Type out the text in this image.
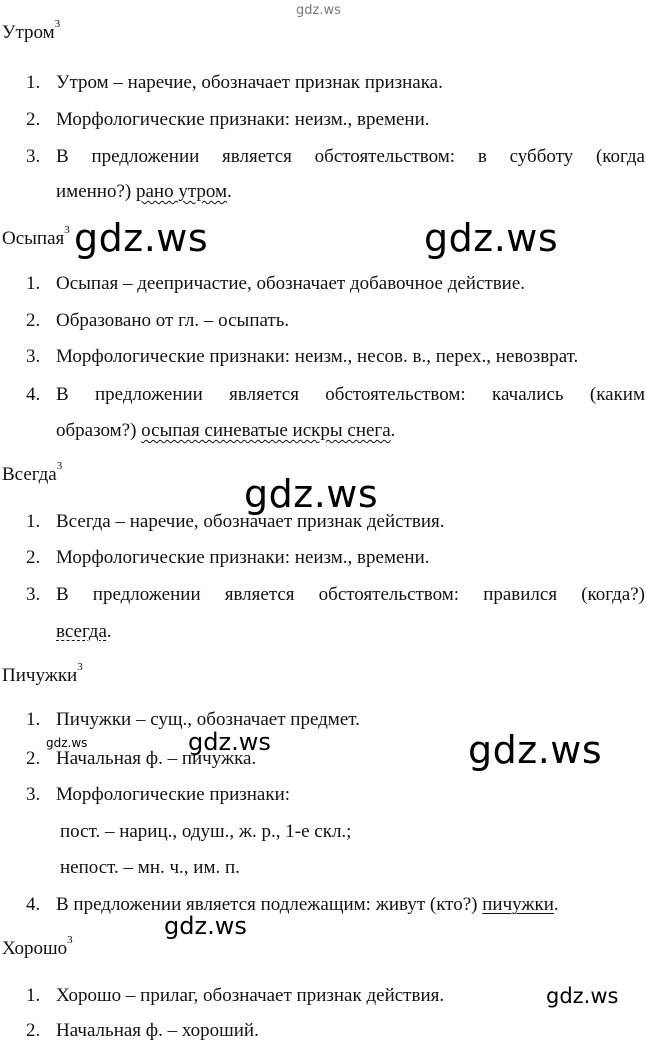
gdz.ws
Утром$^3$
1. Утром – наречие, обозначает признак признака.
2. Морфологические признаки: неизм., времени.
3. В предложении является обстоятельством: в субботу (когда
именно?) рано утром.
Осыпая$^3$ gdz.ws	gdz.ws
1. Осыпая – деепричастие, обозначает добавочное действие.
2. Образовано от гл. – осыпать.
3. Морфологические признаки: неизм., несов. в., перех., невозврат.
4. В предложении является обстоятельством: качались (каким
образом?) осыпая синеватые искры снега.
Всегда$^3$
gdz.ws
1. Всегда – наречие, обозначает признак действия.
2. Морфологические признаки: неизм., времени.
3. В предложении является обстоятельством: правился (когда?)
всегда.
Пичужки$^3$
1. Пичужки – сущ., обозначает предмет.
gdz.ws	gdz.ws	gdz.ws
2. Начальная ф. – пичужка.
3. Морфологические признаки:
пост. – нариц., одуш., ж. р., 1-е скл.;
непост. – мн. ч., им. п.
4. В предложении является подлежащим: живут (кто?) пичужки.
gdz.ws
Хорошо$^3$
1. Хорошо – прилаг, обозначает признак действия.	gdz.ws
2. Начальная ф. – хороший.
